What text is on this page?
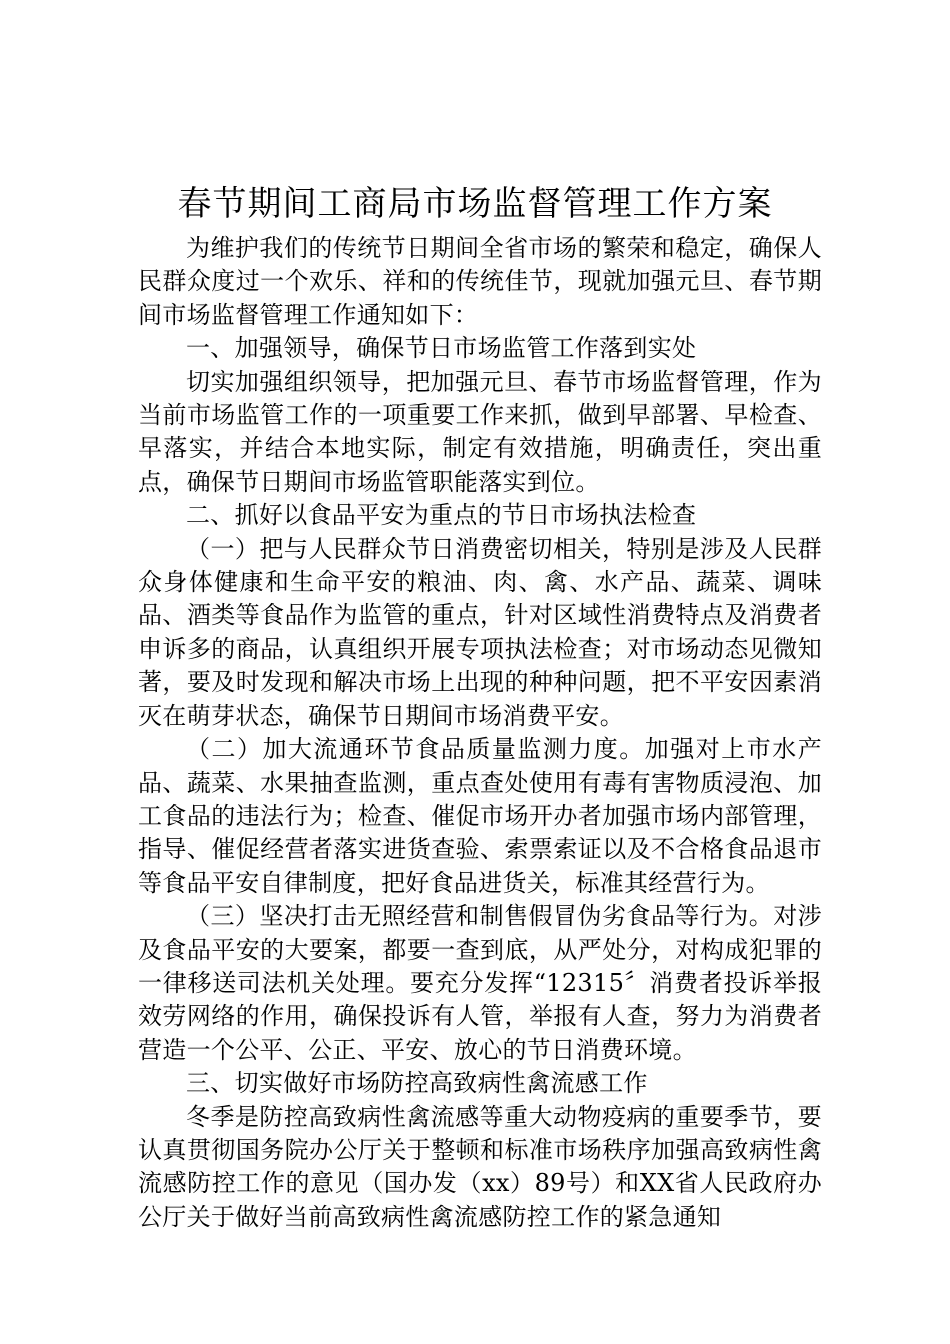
春节期间工商局市场监督管理工作方案

为维护我们的传统节日期间全省市场的繁荣和稳定，确保人民群众度过一个欢乐、祥和的传统佳节，现就加强元旦、春节期间市场监督管理工作通知如下：

一、加强领导，确保节日市场监管工作落到实处

切实加强组织领导，把加强元旦、春节市场监督管理，作为当前市场监管工作的一项重要工作来抓，做到早部署、早检查、早落实，并结合本地实际，制定有效措施，明确责任，突出重点，确保节日期间市场监管职能落实到位。

二、抓好以食品平安为重点的节日市场执法检查

（一）把与人民群众节日消费密切相关，特别是涉及人民群众身体健康和生命平安的粮油、肉、禽、水产品、蔬菜、调味品、酒类等食品作为监管的重点，针对区域性消费特点及消费者申诉多的商品，认真组织开展专项执法检查；对市场动态见微知著，要及时发现和解决市场上出现的种种问题，把不平安因素消灭在萌芽状态，确保节日期间市场消费平安。

（二）加大流通环节食品质量监测力度。加强对上市水产品、蔬菜、水果抽查监测，重点查处使用有毒有害物质浸泡、加工食品的违法行为；检查、催促市场开办者加强市场内部管理，指导、催促经营者落实进货查验、索票索证以及不合格食品退市等食品平安自律制度，把好食品进货关，标准其经营行为。

（三）坚决打击无照经营和制售假冒伪劣食品等行为。对涉及食品平安的大要案，都要一查到底，从严处分，对构成犯罪的一律移送司法机关处理。要充分发挥“12315〞消费者投诉举报效劳网络的作用，确保投诉有人管，举报有人查，努力为消费者营造一个公平、公正、平安、放心的节日消费环境。

三、切实做好市场防控高致病性禽流感工作

冬季是防控高致病性禽流感等重大动物疫病的重要季节，要认真贯彻国务院办公厅关于整顿和标准市场秩序加强高致病性禽流感防控工作的意见（国办发（xx）89号）和XX省人民政府办公厅关于做好当前高致病性禽流感防控工作的紧急通知
